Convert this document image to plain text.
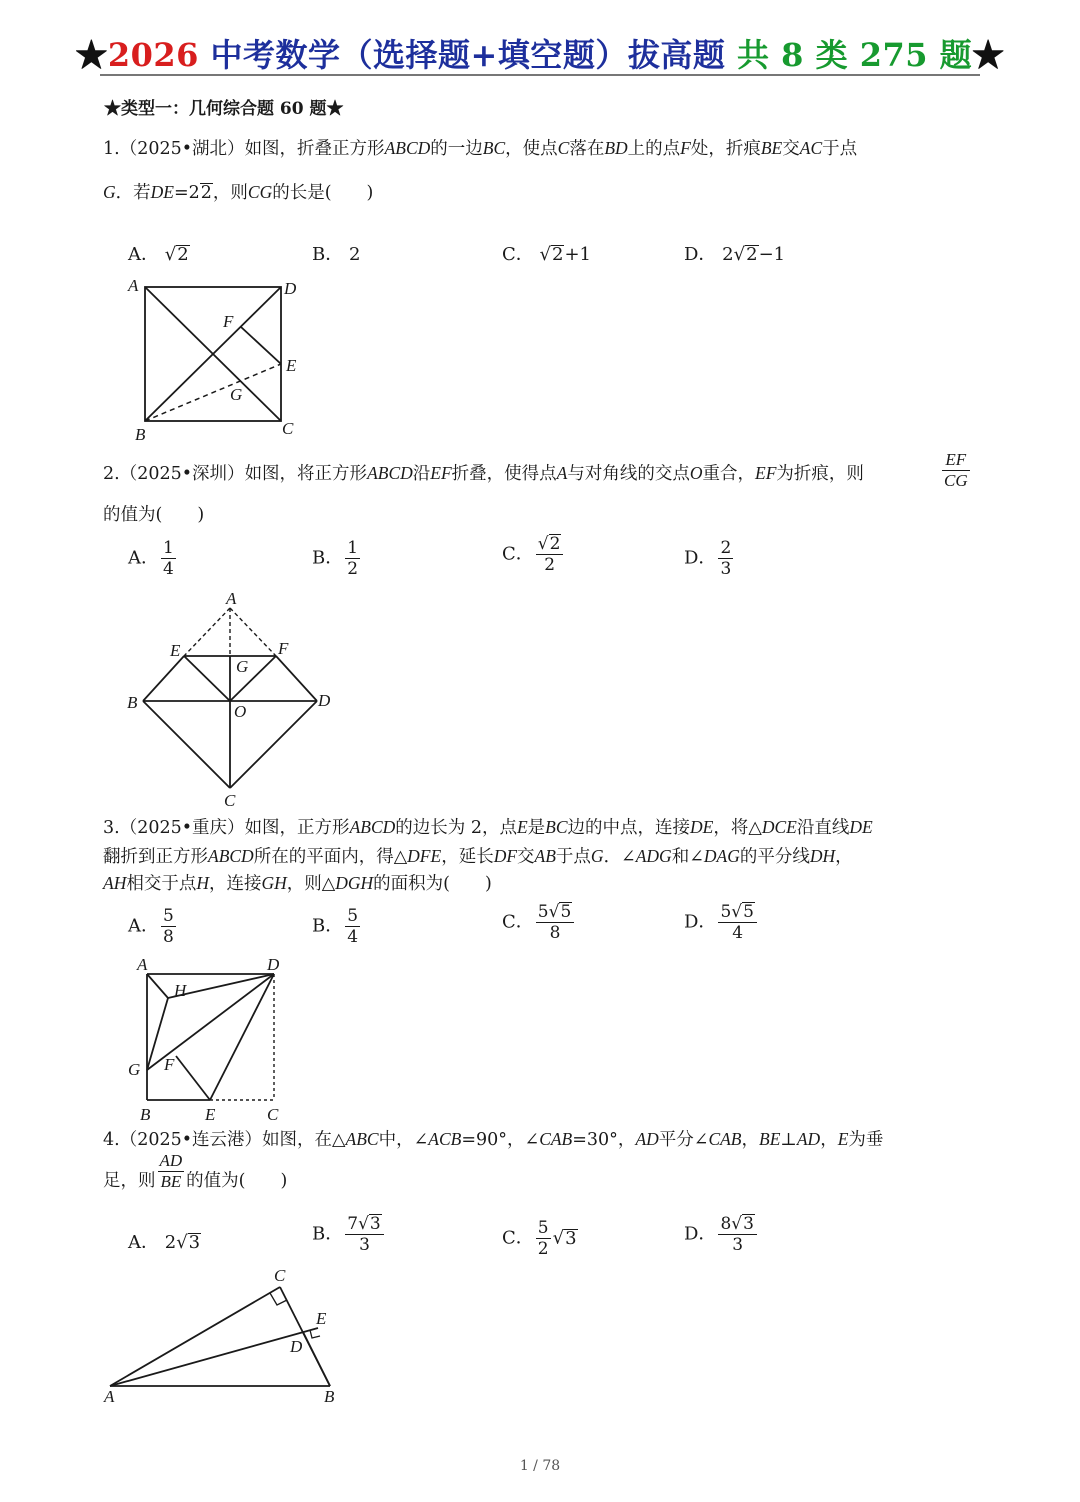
★2026 中考数学（选择题+填空题）拔高题 共 8 类 275 题★
★类型一：几何综合题 60 题★
1.（2025•湖北）如图，折叠正方形ABCD的一边BC，使点C落在BD上的点F处，折痕BE交AC于点
G．若DE=22，则CG的长是(　　)
A． √2	B． 2	C． √2+1	D． 2√2−1
A	D
F
E
G
B	C
2.（2025•深圳）如图，将正方形ABCD沿EF折叠，使得点A与对角线的交点O重合，EF为折痕，则	$\frac{EF}{CG}$
的值为(　　)
A． $\frac{1}{4}$	B． $\frac{1}{2}$	C． $\frac{√2}{2}$	D． $\frac{2}{3}$
A
E	F
G
B	D
O
C
3.（2025•重庆）如图，正方形ABCD的边长为 2，点E是BC边的中点，连接DE，将△DCE沿直线DE
翻折到正方形ABCD所在的平面内，得△DFE，延长DF交AB于点G．∠ADG和∠DAG的平分线DH，
AH相交于点H，连接GH，则△DGH的面积为(　　)
A． $\frac{5}{8}$	B． $\frac{5}{4}$	C． $\frac{5√5}{8}$	D． $\frac{5√5}{4}$
A	D
H
F
G
B	E	C
4.（2025•连云港）如图，在△ABC中，∠ACB=90°，∠CAB=30°，AD平分∠CAB，BE⊥AD，E为垂
足，则 $\frac{AD}{BE}$ 的值为(　　)
A． 2√3	B． $\frac{7√3}{3}$	C． $\frac{5}{2} √3$	D． $\frac{8√3}{3}$
C
E
D
A	B
1 / 78
